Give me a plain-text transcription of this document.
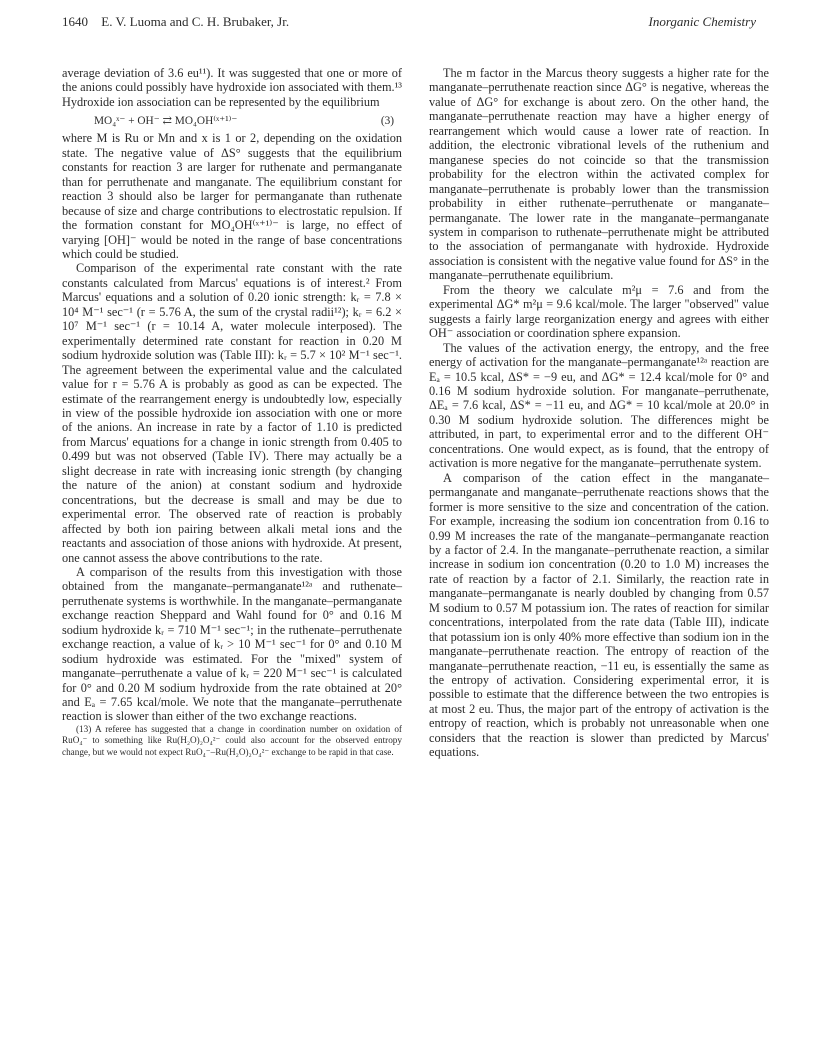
1640 E. V. Luoma and C. H. Brubaker, Jr.	Inorganic Chemistry

average deviation of 3.6 eu¹¹). It was suggested that one or more of the anions could possibly have hydroxide ion associated with them.¹³ Hydroxide ion association can be represented by the equilibrium

MO₄ˣ⁻ + OH⁻ ⇄ MO₄OH⁽ˣ⁺¹⁾⁻	(3)

where M is Ru or Mn and x is 1 or 2, depending on the oxidation state. The negative value of ΔS° suggests that the equilibrium constants for reaction 3 are larger for ruthenate and permanganate than for perruthenate and manganate. The equilibrium constant for reaction 3 should also be larger for permanganate than ruthenate because of size and charge contributions to electrostatic repulsion. If the formation constant for MO₄OH⁽ˣ⁺¹⁾⁻ is large, no effect of varying [OH]⁻ would be noted in the range of base concentrations which could be studied.

Comparison of the experimental rate constant with the rate constants calculated from Marcus' equations is of interest.² From Marcus' equations and a solution of 0.20 ionic strength: kᵣ = 7.8 × 10⁴ M⁻¹ sec⁻¹ (r = 5.76 A, the sum of the crystal radii¹²); kᵣ = 6.2 × 10⁷ M⁻¹ sec⁻¹ (r = 10.14 A, water molecule interposed). The experimentally determined rate constant for reaction in 0.20 M sodium hydroxide solution was (Table III): kᵣ = 5.7 × 10² M⁻¹ sec⁻¹. The agreement between the experimental value and the calculated value for r = 5.76 A is probably as good as can be expected. The estimate of the rearrangement energy is undoubtedly low, especially in view of the possible hydroxide ion association with one or more of the anions. An increase in rate by a factor of 1.10 is predicted from Marcus' equations for a change in ionic strength from 0.405 to 0.499 but was not observed (Table IV). There may actually be a slight decrease in rate with increasing ionic strength (by changing the nature of the anion) at constant sodium and hydroxide concentrations, but the decrease is small and may be due to experimental error. The observed rate of reaction is probably affected by both ion pairing between alkali metal ions and the reactants and association of those anions with hydroxide. At present, one cannot assess the above contributions to the rate.

A comparison of the results from this investigation with those obtained from the manganate–permanganate¹²ᵃ and ruthenate–perruthenate systems is worthwhile. In the manganate–permanganate exchange reaction Sheppard and Wahl found for 0° and 0.16 M sodium hydroxide kᵣ = 710 M⁻¹ sec⁻¹; in the ruthenate–perruthenate exchange reaction, a value of kᵣ > 10 M⁻¹ sec⁻¹ for 0° and 0.10 M sodium hydroxide was estimated. For the "mixed" system of manganate–perruthenate a value of kᵣ = 220 M⁻¹ sec⁻¹ is calculated for 0° and 0.20 M sodium hydroxide from the rate obtained at 20° and Eₐ = 7.65 kcal/mole. We note that the manganate–perruthenate reaction is slower than either of the two exchange reactions.

(13) A referee has suggested that a change in coordination number on oxidation of RuO₄⁻ to something like Ru(H₂O)₂O₄²⁻ could also account for the observed entropy change, but we would not expect RuO₄⁻–Ru(H₂O)₂O₄²⁻ exchange to be rapid in that case.

The m factor in the Marcus theory suggests a higher rate for the manganate–perruthenate reaction since ΔG° is negative, whereas the value of ΔG° for exchange is about zero. On the other hand, the manganate–perruthenate reaction may have a higher energy of rearrangement which would cause a lower rate of reaction. In addition, the electronic vibrational levels of the ruthenium and manganese species do not coincide so that the transmission probability for the electron within the activated complex for manganate–perruthenate is probably lower than the transmission probability in either ruthenate–perruthenate or manganate–permanganate. The lower rate in the manganate–permanganate system in comparison to ruthenate–perruthenate might be attributed to the association of permanganate with hydroxide. Hydroxide association is consistent with the negative value found for ΔS° in the manganate–perruthenate equilibrium.

From the theory we calculate m²μ = 7.6 and from the experimental ΔG* m²μ = 9.6 kcal/mole. The larger "observed" value suggests a fairly large reorganization energy and agrees with either OH⁻ association or coordination sphere expansion.

The values of the activation energy, the entropy, and the free energy of activation for the manganate–permanganate¹²ᵃ reaction are Eₐ = 10.5 kcal, ΔS* = −9 eu, and ΔG* = 12.4 kcal/mole for 0° and 0.16 M sodium hydroxide solution. For manganate–perruthenate, ΔEₐ = 7.6 kcal, ΔS* = −11 eu, and ΔG* = 10 kcal/mole at 20.0° in 0.30 M sodium hydroxide solution. The differences might be attributed, in part, to experimental error and to the different OH⁻ concentrations. One would expect, as is found, that the entropy of activation is more negative for the manganate–perruthenate system.

A comparison of the cation effect in the manganate–permanganate and manganate–perruthenate reactions shows that the former is more sensitive to the size and concentration of the cation. For example, increasing the sodium ion concentration from 0.16 to 0.99 M increases the rate of the manganate–permanganate reaction by a factor of 2.4. In the manganate–perruthenate reaction, a similar increase in sodium ion concentration (0.20 to 1.0 M) increases the rate of reaction by a factor of 2.1. Similarly, the reaction rate in manganate–permanganate is nearly doubled by changing from 0.57 M sodium to 0.57 M potassium ion. The rates of reaction for similar concentrations, interpolated from the rate data (Table III), indicate that potassium ion is only 40% more effective than sodium ion in the manganate–perruthenate reaction. The entropy of reaction of the manganate–perruthenate reaction, −11 eu, is essentially the same as the entropy of activation. Considering experimental error, it is possible to estimate that the difference between the two entropies is at most 2 eu. Thus, the major part of the entropy of activation is the entropy of reaction, which is probably not unreasonable when one considers that the reaction is slower than predicted by Marcus' equations.
